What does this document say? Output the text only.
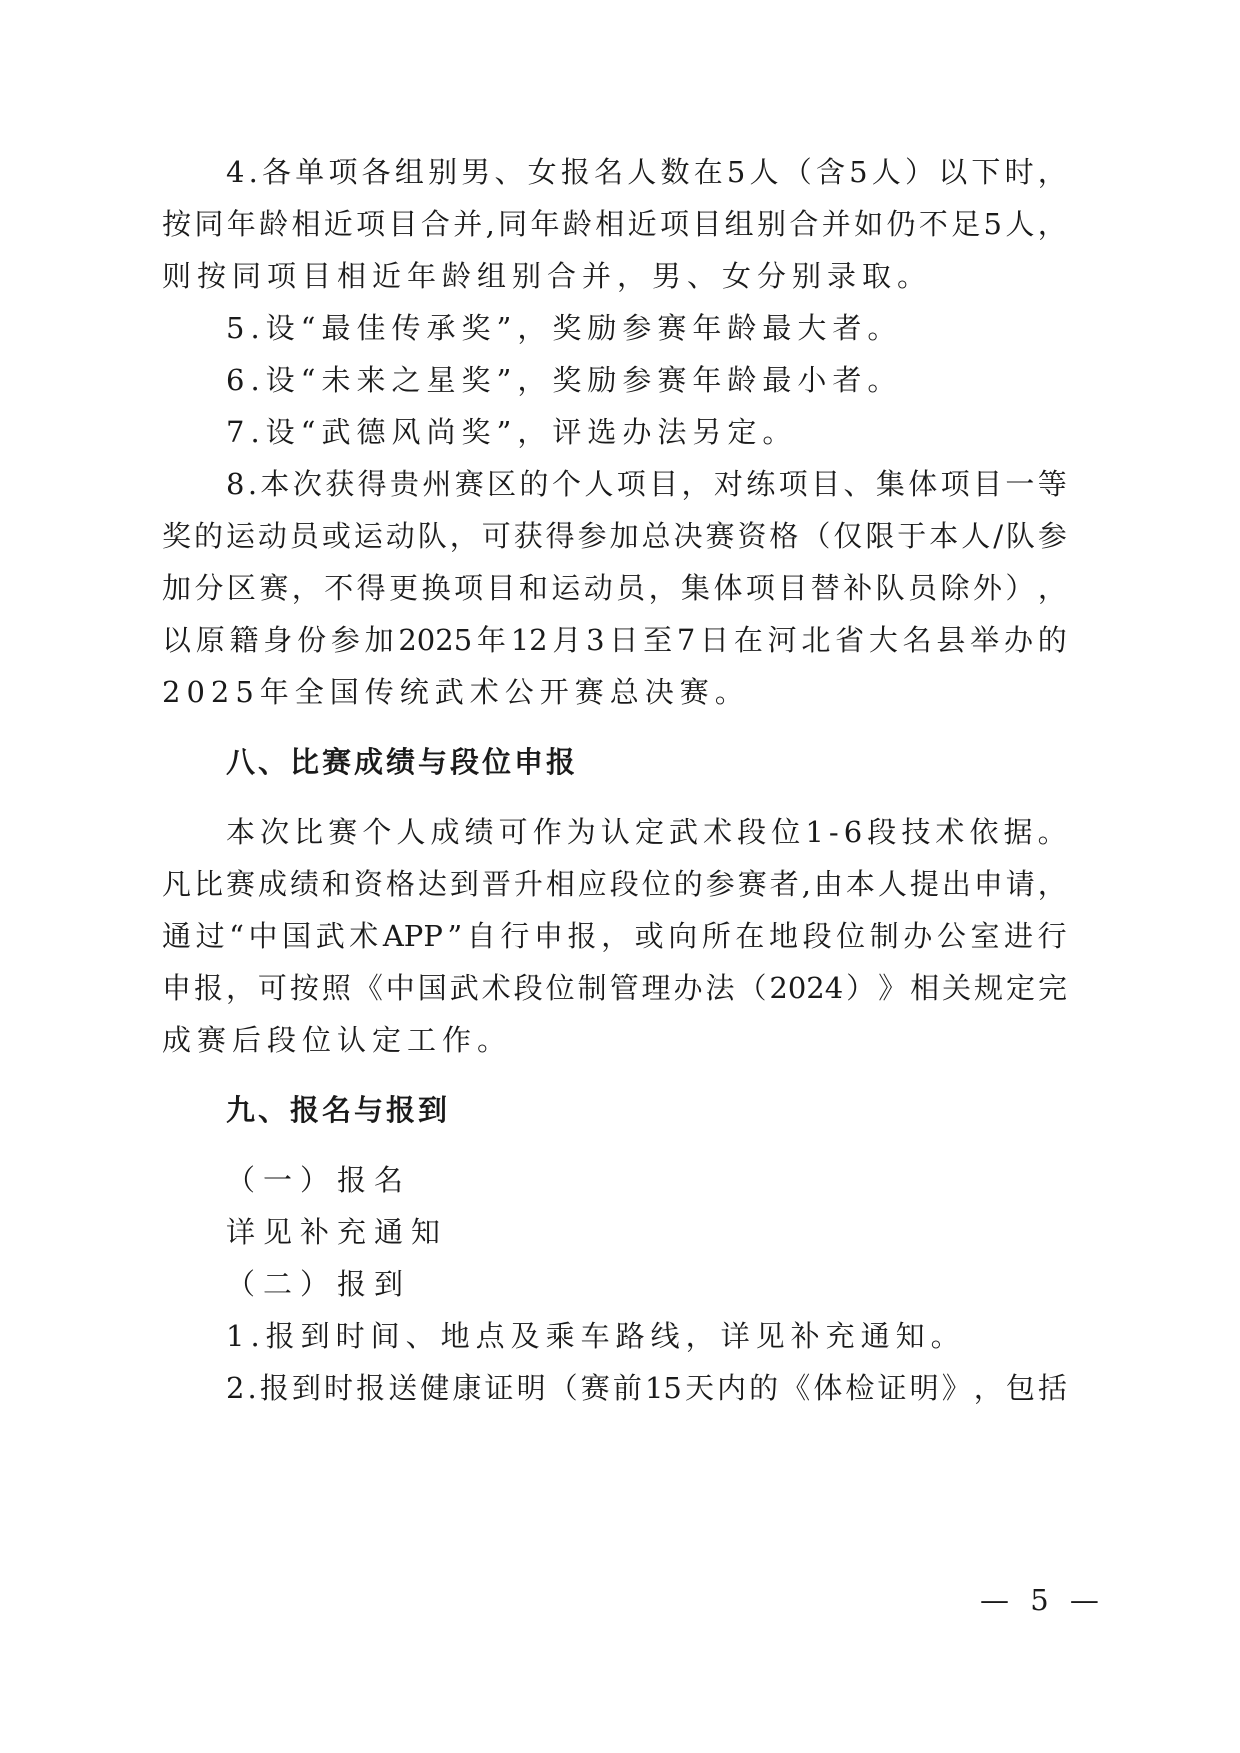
4 . 各 单 项 各 组 别 男 、 女 报 名 人 数 在 5 人 （ 含 5 人 ） 以 下 时 ，
按 同 年 龄 相 近 项 目 合 并 , 同 年 龄 相 近 项 目 组 别 合 并 如 仍 不 足 5 人 ，
则按同项目相近年龄组别合并，男、女分别录取。
5.设“最佳传承奖”，奖励参赛年龄最大者。
6.设“未来之星奖”，奖励参赛年龄最小者。
7.设“武德风尚奖”，评选办法另定。
8 . 本 次 获 得 贵 州 赛 区 的 个 人 项 目 ， 对 练 项 目 、 集 体 项 目 一 等
奖 的 运 动 员 或 运 动 队 ， 可 获 得 参 加 总 决 赛 资 格 （ 仅 限 于 本 人 / 队 参
加 分 区 赛 ， 不 得 更 换 项 目 和 运 动 员 ， 集 体 项 目 替 补 队 员 除 外 ） ，
以 原 籍 身 份 参 加 2025 年 12 月 3 日 至 7 日 在 河 北 省 大 名 县 举 办 的
2025年全国传统武术公开赛总决赛。
八、比赛成绩与段位申报
本 次 比 赛 个 人 成 绩 可 作 为 认 定 武 术 段 位 1 - 6 段 技 术 依 据 。
凡 比 赛 成 绩 和 资 格 达 到 晋 升 相 应 段 位 的 参 赛 者 , 由 本 人 提 出 申 请 ，
通 过 “ 中 国 武 术 APP ” 自 行 申 报 ， 或 向 所 在 地 段 位 制 办 公 室 进 行
申 报 ， 可 按 照 《 中 国 武 术 段 位 制 管 理 办 法 （ 2024 ） 》 相 关 规 定 完
成赛后段位认定工作。
九、报名与报到
（一）报名
详见补充通知
（二）报到
1.报到时间、地点及乘车路线，详见补充通知。
2 . 报 到 时 报 送 健 康 证 明 （ 赛 前 15 天 内 的 《 体 检 证 明 》 ， 包 括
— 5 —
